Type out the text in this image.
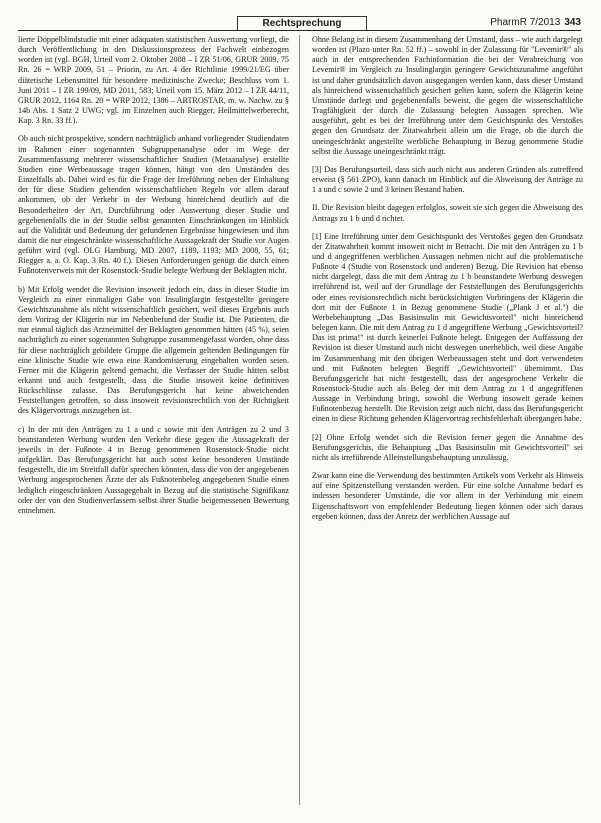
Rechtsprechung	PharmR 7/2013 343

lierte Doppelblindstudie mit einer adäquaten statistischen Auswertung vorliegt, die durch Veröffentlichung in den Diskussionsprozess der Fachwelt einbezogen worden ist (vgl. BGH, Urteil vom 2. Oktober 2008 – I ZR 51/06, GRUR 2009, 75 Rn. 26 = WRP 2009, 51 – Priorin, zu Art. 4 der Richtlinie 1999/21/EG über diätetische Lebensmittel für besondere medizinische Zwecke; Beschluss vom 1. Juni 2011 – I ZR 199/09, MD 2011, 583; Urteil vom 15. März 2012 – I ZR 44/11, GRUR 2012, 1164 Rn. 20 = WRP 2012, 1386 – ARTROSTAR, m. w. Nachw. zu § 14b Abs. 1 Satz 2 UWG; vgl. im Einzelnen auch Riegger, Heilmittelwerberecht, Kap. 3 Rn. 33 ff.).

Ob auch nicht prospektive, sondern nachträglich anhand vorliegender Studiendaten im Rahmen einer sogenannten Subgruppenanalyse oder im Wege der Zusammenfassung mehrerer wissenschaftlicher Studien (Metaanalyse) erstellte Studien eine Werbeaussage tragen können, hängt von den Umständen des Einzelfalls ab. Dabei wird es für die Frage der Irreführung neben der Einhaltung der für diese Studien geltenden wissenschaftlichen Regeln vor allem darauf ankommen, ob der Verkehr in der Werbung hinreichend deutlich auf die Besonderheiten der Art, Durchführung oder Auswertung dieser Studie und gegebenenfalls die in der Studie selbst genannten Einschränkungen im Hinblick auf die Validität und Bedeutung der gefundenen Ergebnisse hingewiesen und ihm damit die nur eingeschränkte wissenschaftliche Aussagekraft der Studie vor Augen geführt wird (vgl. OLG Hamburg, MD 2007, 1189, 1193; MD 2008, 55, 61; Riegger a. a. O. Kap. 3 Rn. 40 f.). Diesen Anforderungen genügt die durch einen Fußnotenverweis mit der Rosenstock-Studie belegte Werbung der Beklagten nicht.

b) Mit Erfolg wendet die Revision insoweit jedoch ein, dass in dieser Studie im Vergleich zu einer einmaligen Gabe von Insulinglargin festgestellte geringere Gewichtszunahme als nicht wissenschaftlich gesichert, weil dieses Ergebnis auch dem Vortrag der Klägerin nur im Nebenbefund der Studie ist. Die Patienten, die nur einmal täglich das Arzneimittel der Beklagten genommen hätten (45 %), seien nachträglich zu einer sogenannten Subgruppe zusammengefasst worden, ohne dass für diese nachträglich gebildete Gruppe die allgemein geltenden Bedingungen für eine klinische Studie wie etwa eine Randomisierung eingehalten worden seien. Ferner mit die Klägerin geltend gemacht, die Verfasser der Studie hätten selbst erkannt und auch festgestellt, dass die Studie insoweit keine definitiven Rückschlüsse zulasse. Das Berufungsgericht hat keine abweichenden Feststellungen getroffen, so dass insoweit revisionsrechtlich von der Richtigkeit des Klägervortrags auszugehen ist.

c) In der mit den Anträgen zu 1 a und c sowie mit den Anträgen zu 2 und 3 beanstandeten Werbung wurden den Verkehr diese gegen die Aussagekraft der jeweils in der Fußnote 4 in Bezug genommenen Rosenstock-Studie nicht aufgeklärt. Das Berufungsgericht hat auch sonst keine besonderen Umstände festgestellt, die im Streitfall dafür sprechen könnten, dass die von der angegebenen Werbung angesprochenen Ärzte der als Fußnotenbeleg angegebenen Studie einen lediglich eingeschränkten Aussagegehalt in Bezug auf die statistische Signifikanz oder der von den Studienverfassern selbst ihrer Studie beigemessenen Bewertung entnehmen.

Ohne Belang ist in diesem Zusammenhang der Umstand, dass – wie auch dargelegt worden ist (Plazo unter Rn. 52 ff.) – sowohl in der Zulassung für "Levemir®" als auch in der entsprechenden Fachinformation die bei der Verabreichung von Levemir® im Vergleich zu Insulinglargin geringere Gewichtszunahme angeführt ist und daher grundsätzlich davon ausgegangen werden kann, dass dieser Umstand als hinreichend wissenschaftlich gesichert gelten kann, sofern die Klägerin keine Umstände darlegt und gegebenenfalls beweist, die gegen die wissenschaftliche Tragfähigkeit der durch die Zulassung belegten Aussagen sprechen. Wie ausgeführt, geht es bei der Irreführung unter dem Gesichtspunkt des Verstoßes gegen den Grundsatz der Zitatwahrheit allein um die Frage, ob die durch die uneingeschränkt angestellte werbliche Behauptung in Bezug genommene Studie selbst die Aussage uneingeschränkt trägt.

[3] Das Berufungsurteil, dass sich auch nicht aus anderen Gründen als zutreffend erweist (§ 561 ZPO), kann danach im Hinblick auf die Abweisung der Anträge zu 1 a und c sowie 2 und 3 keinen Bestand haben.

II. Die Revision bleibt dagegen erfolglos, soweit sie sich gegen die Abweisung des Antrags zu 1 b und d richtet.

[1] Eine Irreführung unter dem Gesichtspunkt des Verstoßes gegen den Grundsatz der Zitatwahrheit kommt insoweit nicht in Betracht. Die mit den Anträgen zu 1 b und d angegriffenen werblichen Aussagen nehmen nicht auf die problematische Fußnote 4 (Studie von Rosenstock und anderen) Bezug. Die Revision hat ebenso nicht dargelegt, dass die mit dem Antrag zu 1 b beanstandete Werbung deswegen irreführend ist, weil auf der Grundlage der Feststellungen des Berufungsgerichts oder eines revisionsrechtlich nicht berücksichtigten Vorbringens der Klägerin die dort mit der Fußnote 1 in Bezug genommene Studie („Plank J et al.") die Werbebehauptung „Das Basisinsulin mit Gewichtsvorteil" nicht hinreichend belegen kann. Die mit dem Antrag zu 1 d angegriffene Werbung „Gewichtsvorteil? Das ist prima!" ist durch keinerlei Fußnote belegt. Entgegen der Auffassung der Revision ist dieser Umstand auch nicht deswegen unerheblich, weil diese Angabe im Zusammenhang mit den übrigen Werbeaussagen steht und dort verwendeten und mit Fußnoten belegten Begriff „Gewichtsvorteil" übernimmt. Das Berufungsgericht hat nicht festgestellt, dass der angesprochene Verkehr die Rosenstock-Studie auch als Beleg der mit dem Antrag zu 1 d angegriffenen Aussage in Verbindung bringt, sowohl die Werbung insoweit gerade keinen Fußnotenbezug herstellt. Die Revision zeigt auch nicht, dass das Berufungsgericht einen in diese Richtung gehenden Klägervortrag rechtsfehlerhaft übergangen habe.

[2] Ohne Erfolg wendet sich die Revision ferner gegen die Annahme des Berufungsgerichts, die Behauptung „Das Basisinsulin mit Gewichtsvorteil" sei nicht als irreführende Alleinstellungsbehauptung unzulässig.

Zwar kann eine die Verwendung des bestimmten Artikels vom Verkehr als Hinweis auf eine Spitzenstellung verstanden werden. Für eine solche Annahme bedarf es indessen besonderer Umstände, die vor allem in der Verbindung mit einem Eigenschaftswort von empfehlender Bedeutung liegen können oder sich daraus ergeben können, dass der Anreiz der werblichen Aussage auf
